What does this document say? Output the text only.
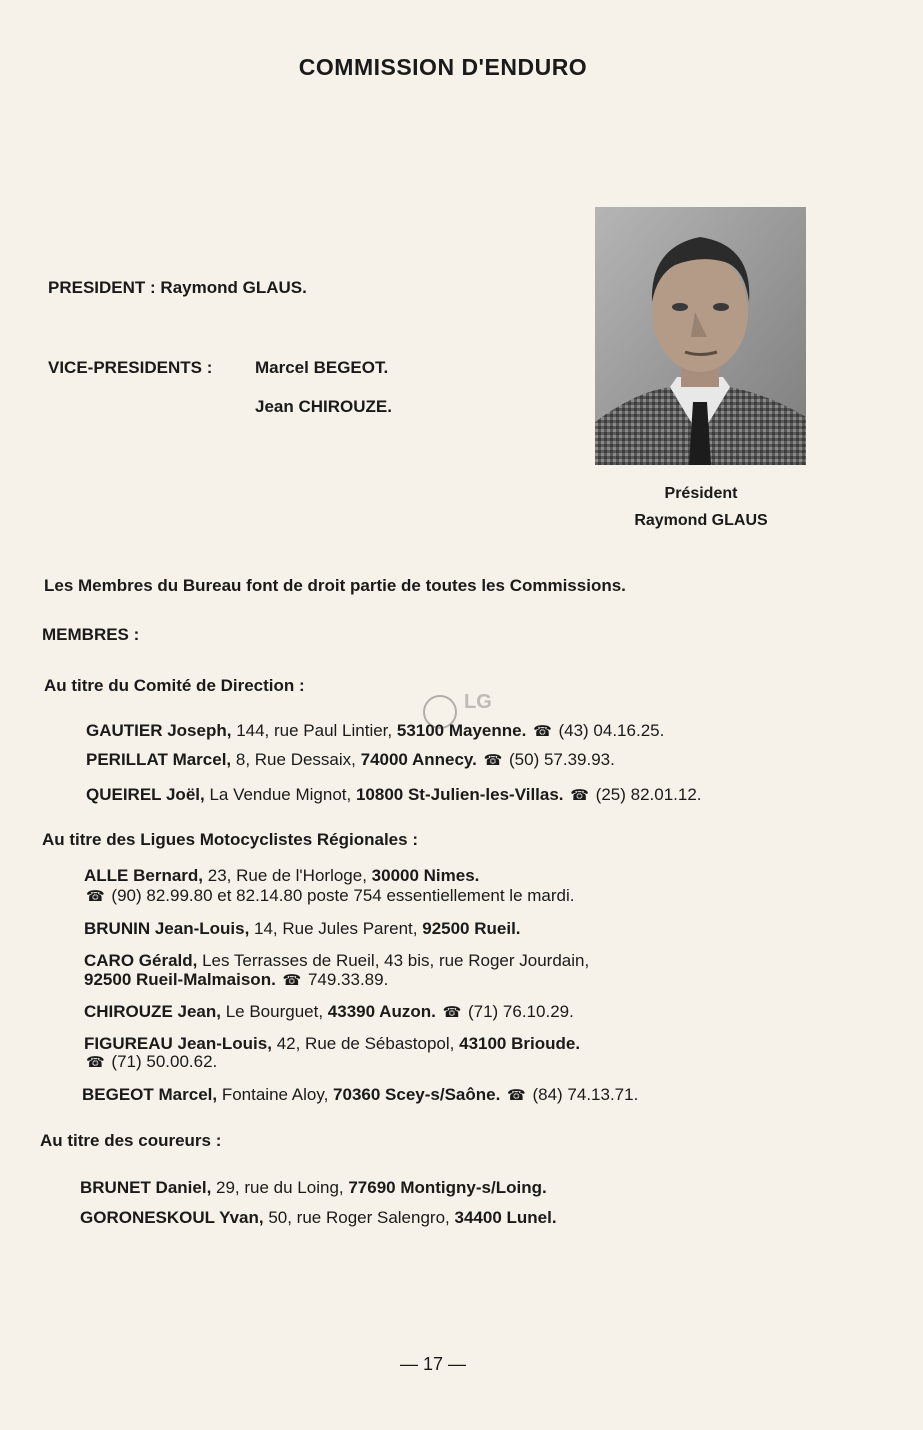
COMMISSION D'ENDURO
PRESIDENT : Raymond GLAUS.
VICE-PRESIDENTS :	Marcel BEGEOT.
Jean CHIROUZE.
Président
Raymond GLAUS
Les Membres du Bureau font de droit partie de toutes les Commissions.
MEMBRES :
Au titre du Comité de Direction :
GAUTIER Joseph, 144, rue Paul Lintier, 53100 Mayenne. ☎ (43) 04.16.25.
PERILLAT Marcel, 8, Rue Dessaix, 74000 Annecy. ☎ (50) 57.39.93.
QUEIREL Joël, La Vendue Mignot, 10800 St-Julien-les-Villas. ☎ (25) 82.01.12.
Au titre des Ligues Motocyclistes Régionales :
ALLE Bernard, 23, Rue de l'Horloge, 30000 Nimes.
☎ (90) 82.99.80 et 82.14.80 poste 754 essentiellement le mardi.
BRUNIN Jean-Louis, 14, Rue Jules Parent, 92500 Rueil.
CARO Gérald, Les Terrasses de Rueil, 43 bis, rue Roger Jourdain,
92500 Rueil-Malmaison. ☎ 749.33.89.
CHIROUZE Jean, Le Bourguet, 43390 Auzon. ☎ (71) 76.10.29.
FIGUREAU Jean-Louis, 42, Rue de Sébastopol, 43100 Brioude.
☎ (71) 50.00.62.
BEGEOT Marcel, Fontaine Aloy, 70360 Scey-s/Saône. ☎ (84) 74.13.71.
Au titre des coureurs :
BRUNET Daniel, 29, rue du Loing, 77690 Montigny-s/Loing.
GORONESKOUL Yvan, 50, rue Roger Salengro, 34400 Lunel.
LG
— 17 —
